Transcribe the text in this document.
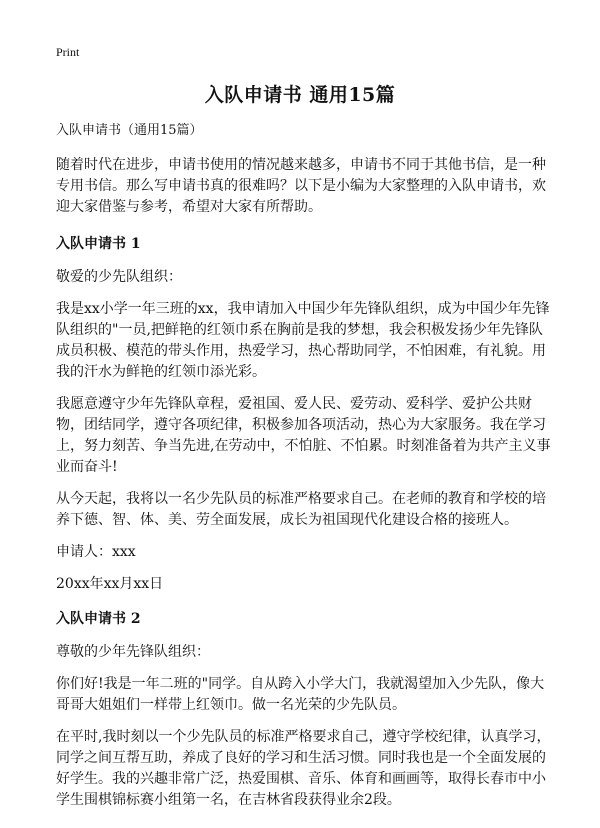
Print
入队申请书 通用15篇
入队申请书（通用15篇）

随着时代在进步，申请书使用的情况越来越多，申请书不同于其他书信，是一种专用书信。那么写申请书真的很难吗？以下是小编为大家整理的入队申请书，欢迎大家借鉴与参考，希望对大家有所帮助。

入队申请书 1

敬爱的少先队组织：

我是xx小学一年三班的xx，我申请加入中国少年先锋队组织，成为中国少年先锋队组织的"一员,把鲜艳的红领巾系在胸前是我的梦想，我会积极发扬少年先锋队成员积极、模范的带头作用，热爱学习，热心帮助同学，不怕困难，有礼貌。用我的汗水为鲜艳的红领巾添光彩。

我愿意遵守少年先锋队章程，爱祖国、爱人民、爱劳动、爱科学、爱护公共财物，团结同学，遵守各项纪律，积极参加各项活动，热心为大家服务。我在学习上，努力刻苦、争当先进,在劳动中，不怕脏、不怕累。时刻准备着为共产主义事业而奋斗!

从今天起，我将以一名少先队员的标准严格要求自己。在老师的教育和学校的培养下德、智、体、美、劳全面发展，成长为祖国现代化建设合格的接班人。

申请人：xxx

20xx年xx月xx日

入队申请书 2

尊敬的少年先锋队组织：

你们好!我是一年二班的"同学。自从跨入小学大门，我就渴望加入少先队，像大哥哥大姐姐们一样带上红领巾。做一名光荣的少先队员。

在平时,我时刻以一个少先队员的标准严格要求自己，遵守学校纪律，认真学习，同学之间互帮互助，养成了良好的学习和生活习惯。同时我也是一个全面发展的好学生。我的兴趣非常广泛，热爱围棋、音乐、体育和画画等，取得长春市中小学生围棋锦标赛小组第一名，在吉林省段获得业余2段。
